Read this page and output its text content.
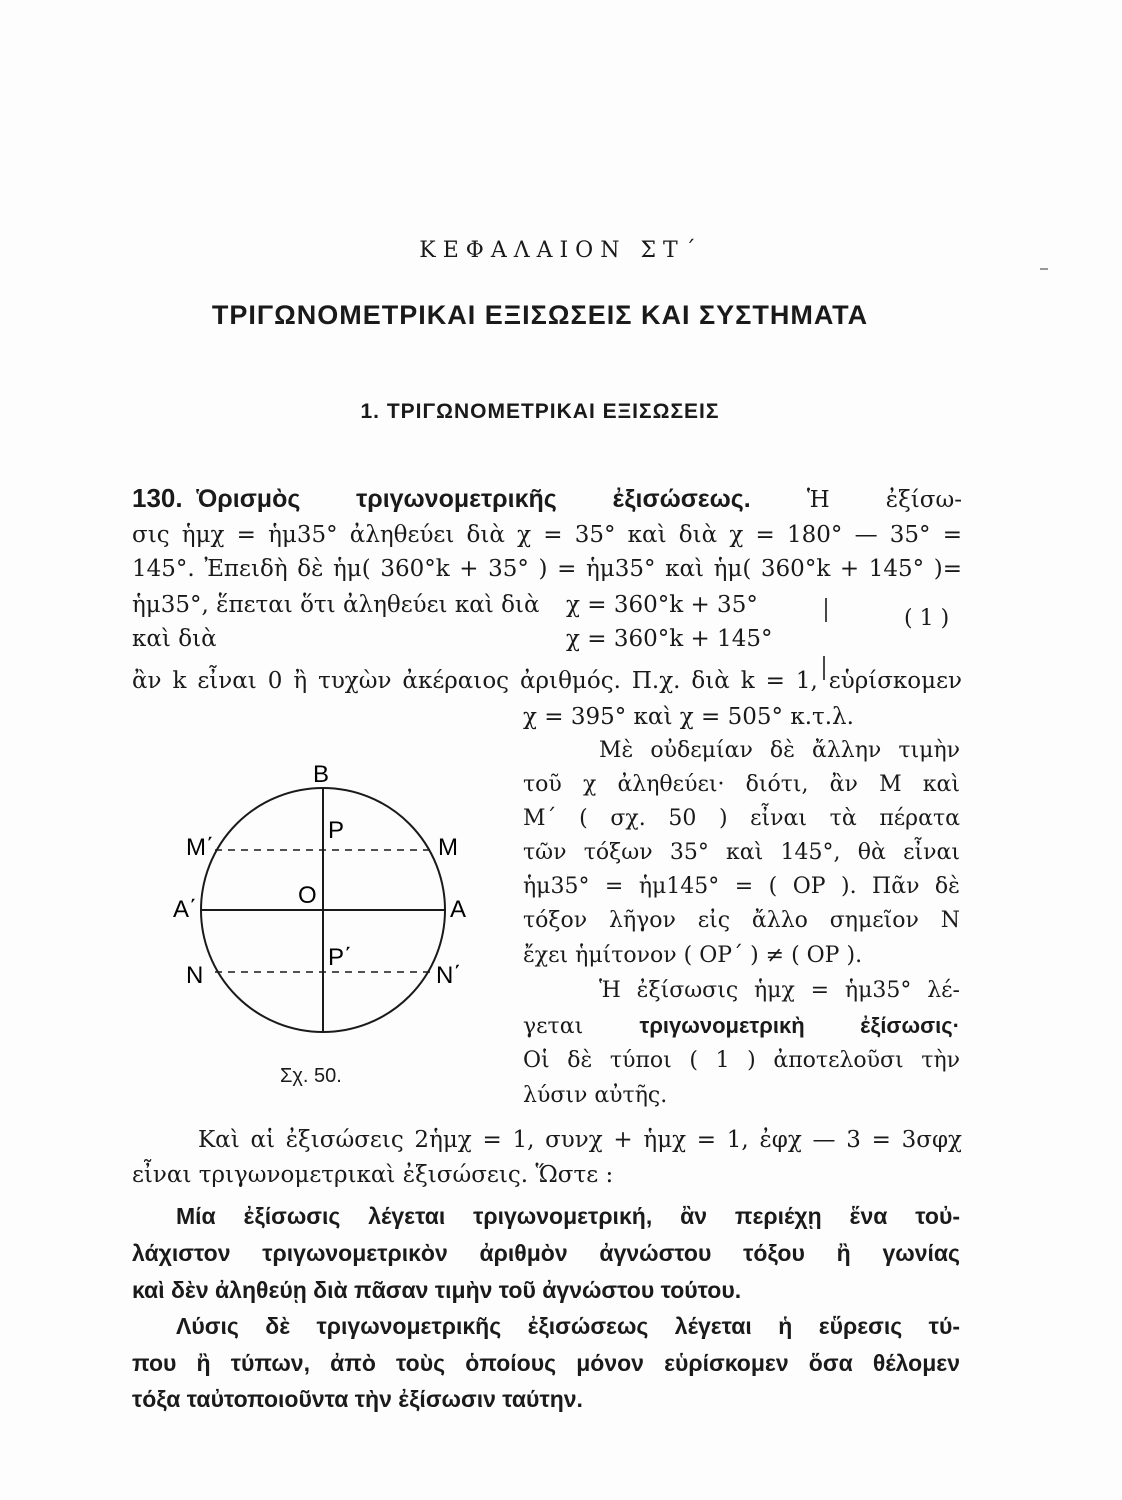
ΚΕΦΑΛΑΙΟΝ ΣΤ΄
ΤΡΙΓΩΝΟΜΕΤΡΙΚΑΙ ΕΞΙΣΩΣΕΙΣ ΚΑΙ ΣΥΣΤΗΜΑΤΑ
1. ΤΡΙΓΩΝΟΜΕΤΡΙΚΑΙ ΕΞΙΣΩΣΕΙΣ
130. Ὁρισμὸς τριγωνομετρικῆς ἐξισώσεως. Ἡ ἐξίσω-
σις ἡμχ = ἡμ35° ἀληθεύει διὰ χ = 35° καὶ διὰ χ = 180° — 35° =
145°. Ἐπειδὴ δὲ ἡμ( 360°k + 35° ) = ἡμ35° καὶ ἡμ( 360°k + 145° )=
ἡμ35°, ἕπεται ὅτι ἀληθεύει καὶ διὰ χ = 360°k + 35°
καὶ διὰ	χ = 360°k + 145°
( 1 )
ἂν k εἶναι 0 ἢ τυχὼν ἀκέραιος ἀριθμός. Π.χ. διὰ k = 1, εὑρίσκομεν
χ = 395° καὶ χ = 505° κ.τ.λ.
Μὲ οὐδεμίαν δὲ ἄλλην τιμὴν
τοῦ χ ἀληθεύει· διότι, ἂν Μ καὶ
Μ΄ ( σχ. 50 ) εἶναι τὰ πέρατα
τῶν τόξων 35° καὶ 145°, θὰ εἶναι
ἡμ35° = ἡμ145° = ( ΟΡ ). Πᾶν δὲ
τόξον λῆγον εἰς ἄλλο σημεῖον Ν
ἔχει ἡμίτονον ( ΟΡ΄ ) ≠ ( ΟΡ ).
Ἡ ἐξίσωσις ἡμχ = ἡμ35° λέ-
γεται	τριγωνομετρικὴ ἐξίσωσις·
Οἱ δὲ τύποι ( 1 ) ἀποτελοῦσι τὴν
λύσιν αὐτῆς.
B
P
O
P΄
M
M΄
A
A΄
N	N΄
Σχ. 50.
Καὶ αἱ ἐξισώσεις 2ἡμχ = 1, συνχ + ἡμχ = 1, ἐφχ — 3 = 3σφχ
εἶναι τριγωνομετρικαὶ ἐξισώσεις. Ὥστε :
Μία ἐξίσωσις λέγεται τριγωνομετρική, ἂν περιέχῃ ἕνα τοὐ-
λάχιστον τριγωνομετρικὸν ἀριθμὸν ἀγνώστου τόξου ἢ γωνίας
καὶ δὲν ἀληθεύῃ διὰ πᾶσαν τιμὴν τοῦ ἀγνώστου τούτου.
Λύσις δὲ τριγωνομετρικῆς ἐξισώσεως λέγεται ἡ εὕρεσις τύ-
που ἢ τύπων, ἀπὸ τοὺς ὁποίους μόνον εὑρίσκομεν ὅσα θέλομεν
τόξα ταὐτοποιοῦντα τὴν ἐξίσωσιν ταύτην.
